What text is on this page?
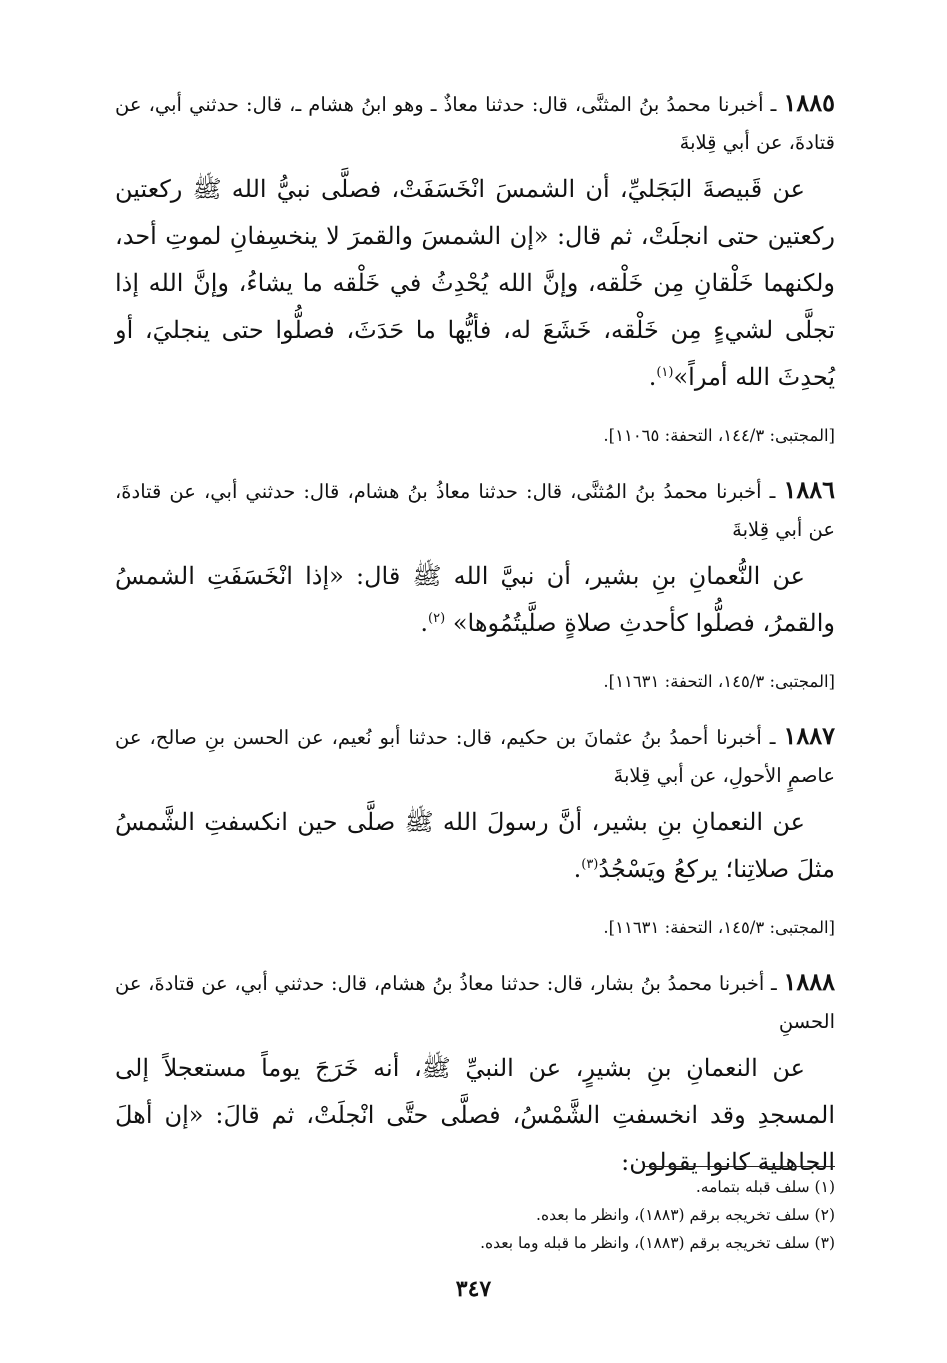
١٨٨٥ ـ أخبرنا محمدُ بنُ المثنَّى، قال: حدثنا معاذٌ ـ وهو ابنُ هشام ـ، قال: حدثني أبي، عن قتادةَ، عن أبي قِلابةَ

عن قَبيصةَ البَجَليِّ، أن الشمسَ انْخَسَفَتْ، فصلَّى نبيُّ الله ﷺ ركعتين ركعتين حتى انجلَتْ، ثم قال: «إن الشمسَ والقمرَ لا ينخسِفانِ لموتِ أحد، ولكنهما خَلْقانِ مِن خَلْقه، وإنَّ الله يُحْدِثُ في خَلْقه ما يشاءُ، وإنَّ الله إذا تجلَّى لشيءٍ مِن خَلْقه، خَشَعَ له، فأيُّها ما حَدَثَ، فصلُّوا حتى ينجليَ، أو يُحدِثَ الله أمراً»$^{(١)}$.

[المجتبى: ١٤٤/٣، التحفة: ١١٠٦٥].

١٨٨٦ ـ أخبرنا محمدُ بنُ المُثنَّى، قال: حدثنا معاذُ بنُ هشام، قال: حدثني أبي، عن قتادةَ، عن أبي قِلابةَ

عن النُّعمانِ بنِ بشير، أن نبيَّ الله ﷺ قال: «إذا انْخَسَفَتِ الشمسُ والقمرُ، فصلُّوا كأحدثِ صلاةٍ صلَّيتُمُوها» $^{(٢)}$.

[المجتبى: ١٤٥/٣، التحفة: ١١٦٣١].

١٨٨٧ ـ أخبرنا أحمدُ بنُ عثمانَ بن حكيم، قال: حدثنا أبو نُعيم، عن الحسن بنِ صالح، عن عاصمٍ الأحولِ، عن أبي قِلابةَ

عن النعمانِ بنِ بشير، أنَّ رسولَ الله ﷺ صلَّى حين انكسفتِ الشَّمسُ مثلَ صلاتِنا؛ يركعُ ويَسْجُدُ$^{(٣)}$.

[المجتبى: ١٤٥/٣، التحفة: ١١٦٣١].

١٨٨٨ ـ أخبرنا محمدُ بنُ بشار، قال: حدثنا معاذُ بنُ هشام، قال: حدثني أبي، عن قتادةَ، عن الحسنِ

عن النعمانِ بنِ بشيرٍ، عن النبيِّ ﷺ، أنه خَرَجَ يوماً مستعجلاً إلى المسجدِ وقد انخسفتِ الشَّمْسُ، فصلَّى حتَّى انْجلَتْ، ثم قالَ: «إن أهلَ الجاهلية كانوا يقولون:

(١) سلف قبله بتمامه.

(٢) سلف تخريجه برقم (١٨٨٣)، وانظر ما بعده.

(٣) سلف تخريجه برقم (١٨٨٣)، وانظر ما قبله وما بعده.

٣٤٧
